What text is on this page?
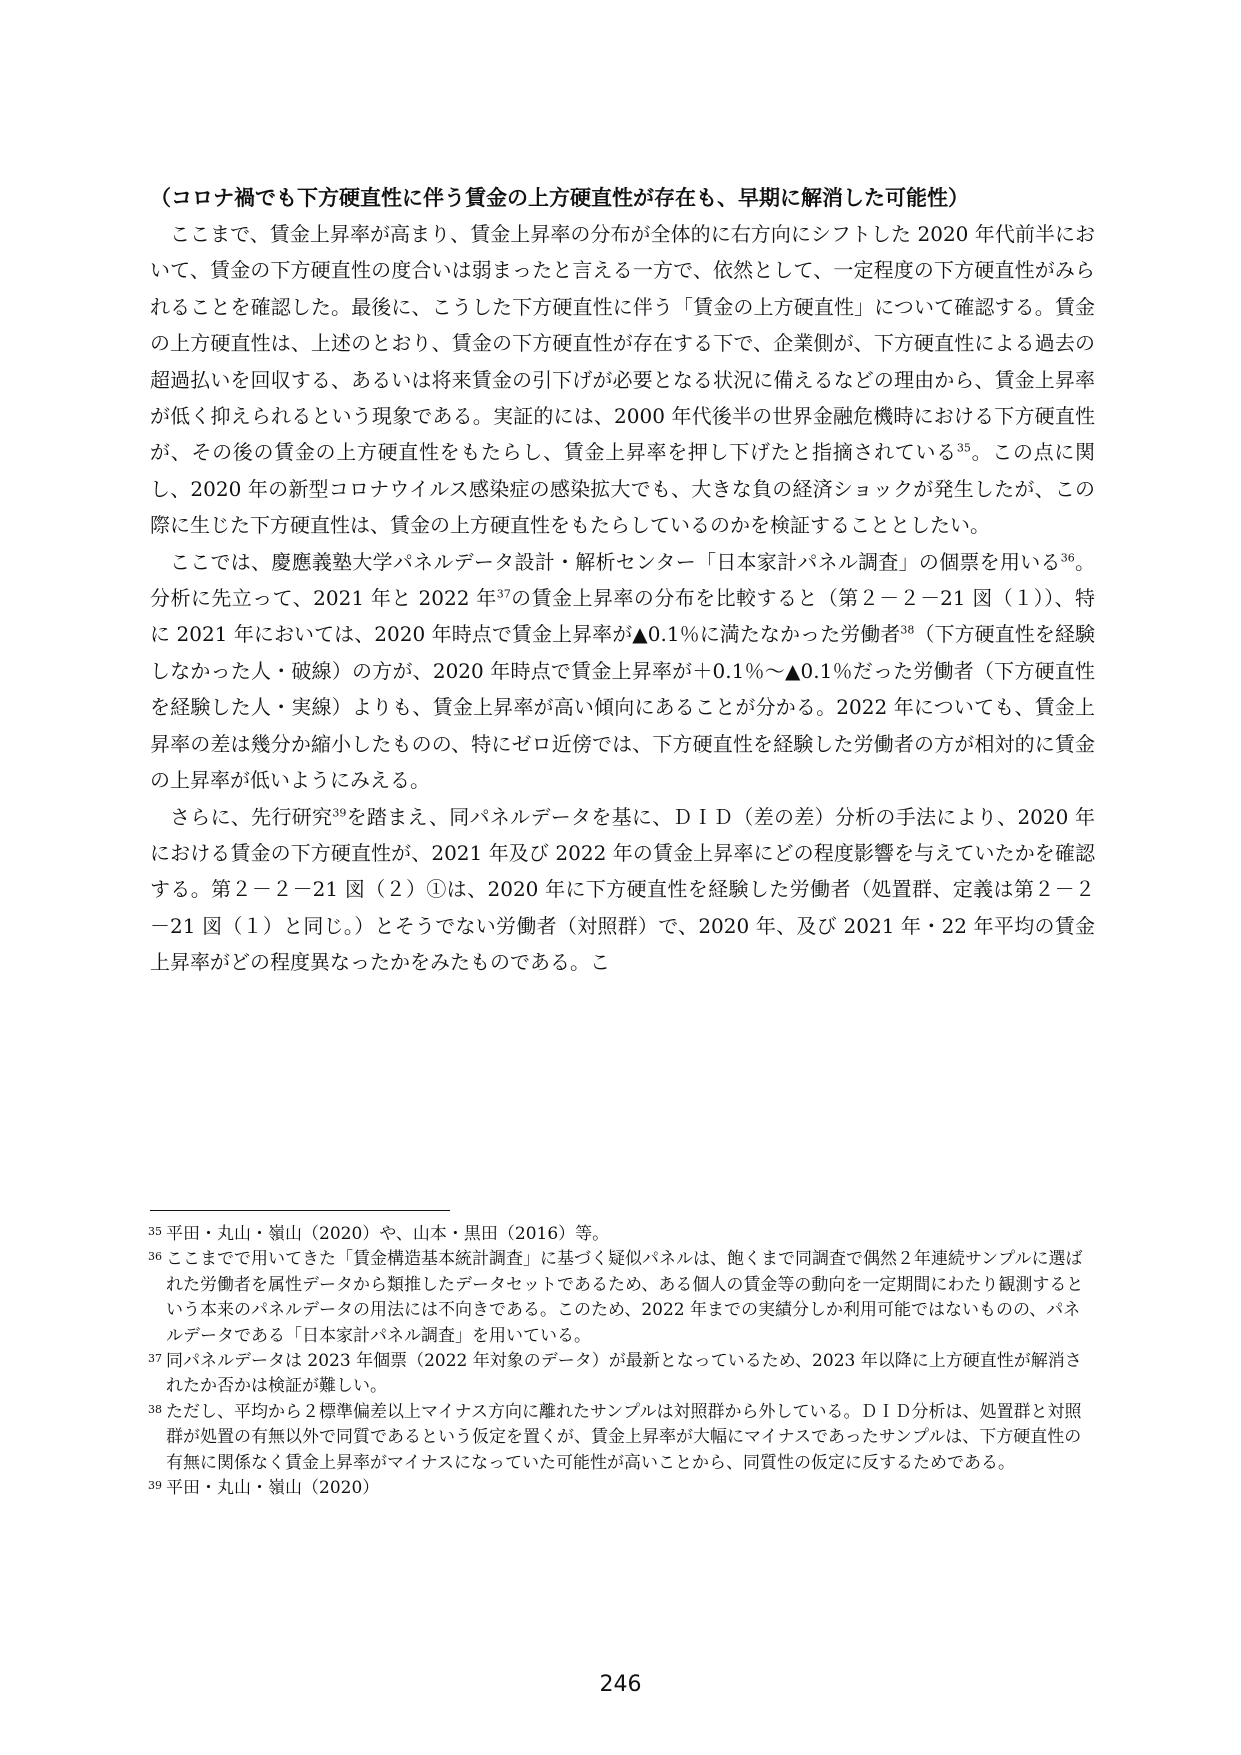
（コロナ禍でも下方硬直性に伴う賃金の上方硬直性が存在も、早期に解消した可能性）

ここまで、賃金上昇率が高まり、賃金上昇率の分布が全体的に右方向にシフトした 2020 年代前半において、賃金の下方硬直性の度合いは弱まったと言える一方で、依然として、一定程度の下方硬直性がみられることを確認した。最後に、こうした下方硬直性に伴う「賃金の上方硬直性」について確認する。賃金の上方硬直性は、上述のとおり、賃金の下方硬直性が存在する下で、企業側が、下方硬直性による過去の超過払いを回収する、あるいは将来賃金の引下げが必要となる状況に備えるなどの理由から、賃金上昇率が低く抑えられるという現象である。実証的には、2000 年代後半の世界金融危機時における下方硬直性が、その後の賃金の上方硬直性をもたらし、賃金上昇率を押し下げたと指摘されている$^{35}$。この点に関し、2020 年の新型コロナウイルス感染症の感染拡大でも、大きな負の経済ショックが発生したが、この際に生じた下方硬直性は、賃金の上方硬直性をもたらしているのかを検証することとしたい。

ここでは、慶應義塾大学パネルデータ設計・解析センター「日本家計パネル調査」の個票を用いる$^{36}$。分析に先立って、2021 年と 2022 年$^{37}$の賃金上昇率の分布を比較すると（第２－２－21 図（１））、特に 2021 年においては、2020 年時点で賃金上昇率が▲0.1％に満たなかった労働者$^{38}$（下方硬直性を経験しなかった人・破線）の方が、2020 年時点で賃金上昇率が＋0.1％～▲0.1％だった労働者（下方硬直性を経験した人・実線）よりも、賃金上昇率が高い傾向にあることが分かる。2022 年についても、賃金上昇率の差は幾分か縮小したものの、特にゼロ近傍では、下方硬直性を経験した労働者の方が相対的に賃金の上昇率が低いようにみえる。

さらに、先行研究$^{39}$を踏まえ、同パネルデータを基に、ＤＩＤ（差の差）分析の手法により、2020 年における賃金の下方硬直性が、2021 年及び 2022 年の賃金上昇率にどの程度影響を与えていたかを確認する。第２－２－21 図（２）①は、2020 年に下方硬直性を経験した労働者（処置群、定義は第２－２－21 図（１）と同じ。）とそうでない労働者（対照群）で、2020 年、及び 2021 年・22 年平均の賃金上昇率がどの程度異なったかをみたものである。こ

35 平田・丸山・嶺山（2020）や、山本・黒田（2016）等。

36 ここまでで用いてきた「賃金構造基本統計調査」に基づく疑似パネルは、飽くまで同調査で偶然２年連続サンプルに選ばれた労働者を属性データから類推したデータセットであるため、ある個人の賃金等の動向を一定期間にわたり観測するという本来のパネルデータの用法には不向きである。このため、2022 年までの実績分しか利用可能ではないものの、パネルデータである「日本家計パネル調査」を用いている。

37 同パネルデータは 2023 年個票（2022 年対象のデータ）が最新となっているため、2023 年以降に上方硬直性が解消されたか否かは検証が難しい。

38 ただし、平均から２標準偏差以上マイナス方向に離れたサンプルは対照群から外している。ＤＩＤ分析は、処置群と対照群が処置の有無以外で同質であるという仮定を置くが、賃金上昇率が大幅にマイナスであったサンプルは、下方硬直性の有無に関係なく賃金上昇率がマイナスになっていた可能性が高いことから、同質性の仮定に反するためである。

39 平田・丸山・嶺山（2020）

246
